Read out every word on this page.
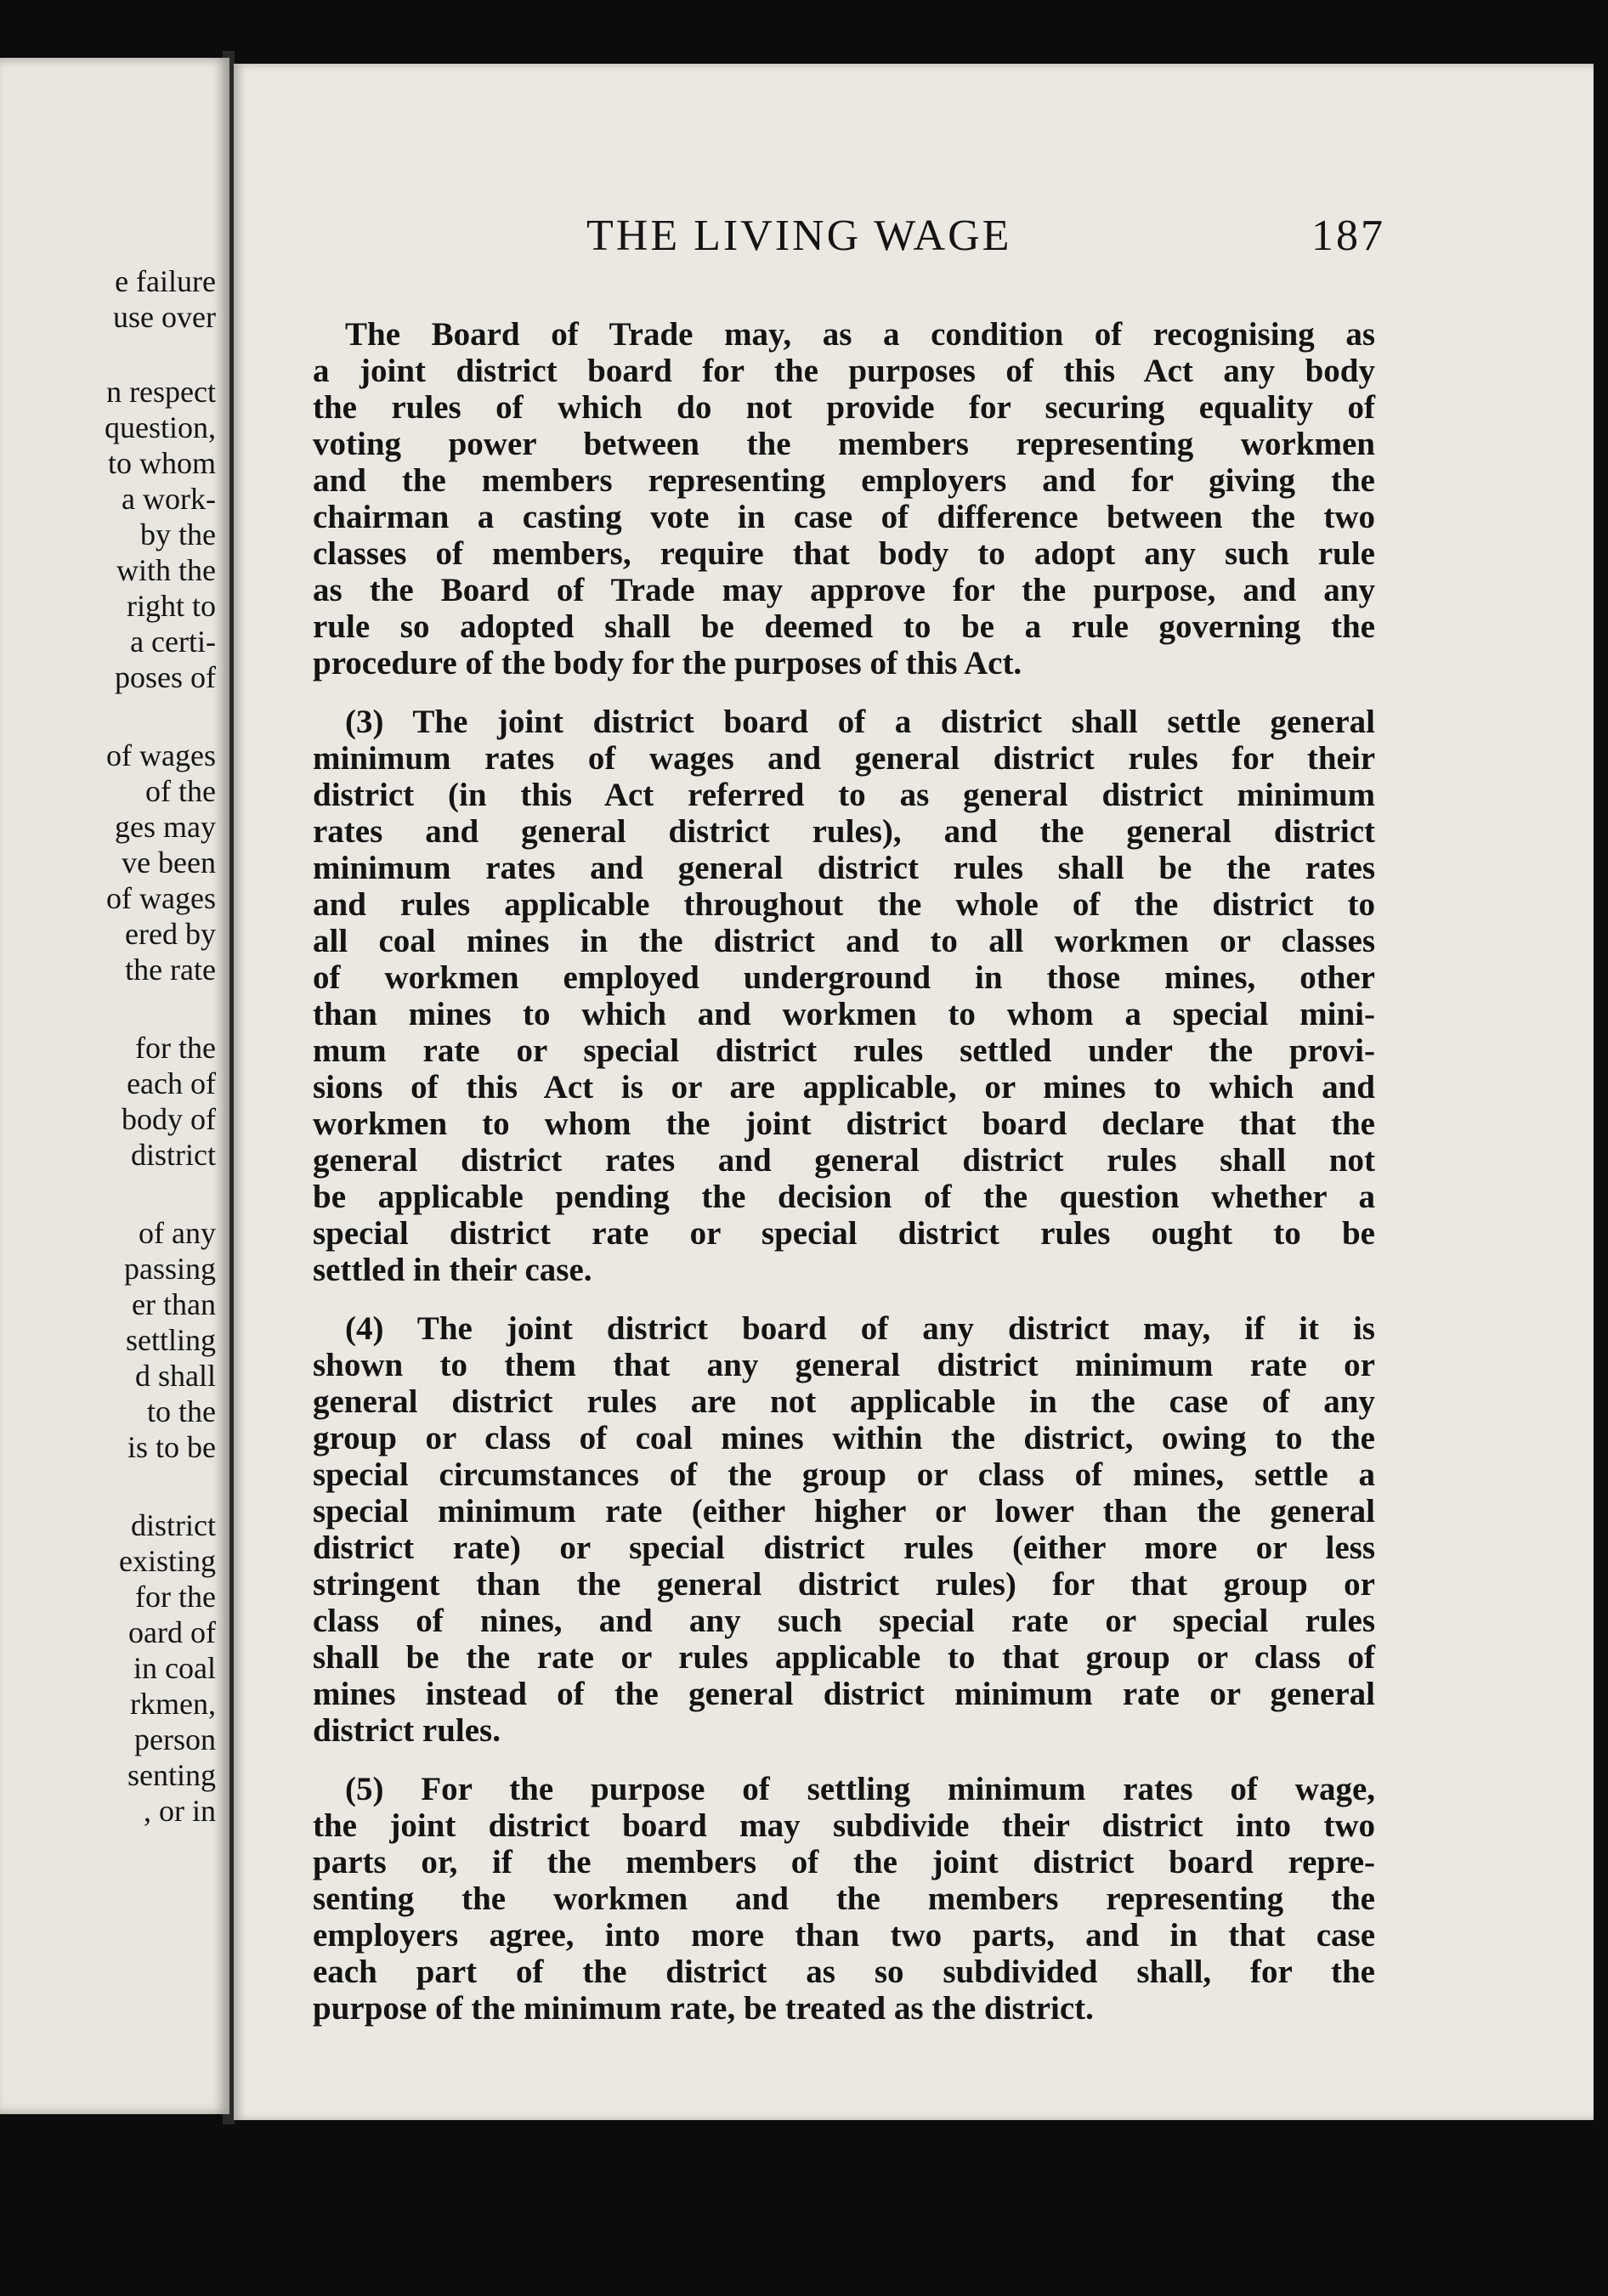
e failure
use over
n respect
question,
to whom
a work-
by the
with the
right to
a certi-
poses of
of wages
of the
ges may
ve been
of wages
ered by
the rate
for the
each of
body of
district
of any
passing
er than
settling
d shall
to the
is to be
district
existing
for the
oard of
in coal
rkmen,
person
senting
, or in
THE LIVING WAGE	187
The Board of Trade may, as a condition of recognising as
a joint district board for the purposes of this Act any body
the rules of which do not provide for securing equality of
voting power between the members representing workmen
and the members representing employers and for giving the
chairman a casting vote in case of difference between the two
classes of members, require that body to adopt any such rule
as the Board of Trade may approve for the purpose, and any
rule so adopted shall be deemed to be a rule governing the
procedure of the body for the purposes of this Act.
(3) The joint district board of a district shall settle general
minimum rates of wages and general district rules for their
district (in this Act referred to as general district minimum
rates and general district rules), and the general district
minimum rates and general district rules shall be the rates
and rules applicable throughout the whole of the district to
all coal mines in the district and to all workmen or classes
of workmen employed underground in those mines, other
than mines to which and workmen to whom a special mini-
mum rate or special district rules settled under the provi-
sions of this Act is or are applicable, or mines to which and
workmen to whom the joint district board declare that the
general district rates and general district rules shall not
be applicable pending the decision of the question whether a
special district rate or special district rules ought to be
settled in their case.
(4) The joint district board of any district may, if it is
shown to them that any general district minimum rate or
general district rules are not applicable in the case of any
group or class of coal mines within the district, owing to the
special circumstances of the group or class of mines, settle a
special minimum rate (either higher or lower than the general
district rate) or special district rules (either more or less
stringent than the general district rules) for that group or
class of nines, and any such special rate or special rules
shall be the rate or rules applicable to that group or class of
mines instead of the general district minimum rate or general
district rules.
(5) For the purpose of settling minimum rates of wage,
the joint district board may subdivide their district into two
parts or, if the members of the joint district board repre-
senting the workmen and the members representing the
employers agree, into more than two parts, and in that case
each part of the district as so subdivided shall, for the
purpose of the minimum rate, be treated as the district.
